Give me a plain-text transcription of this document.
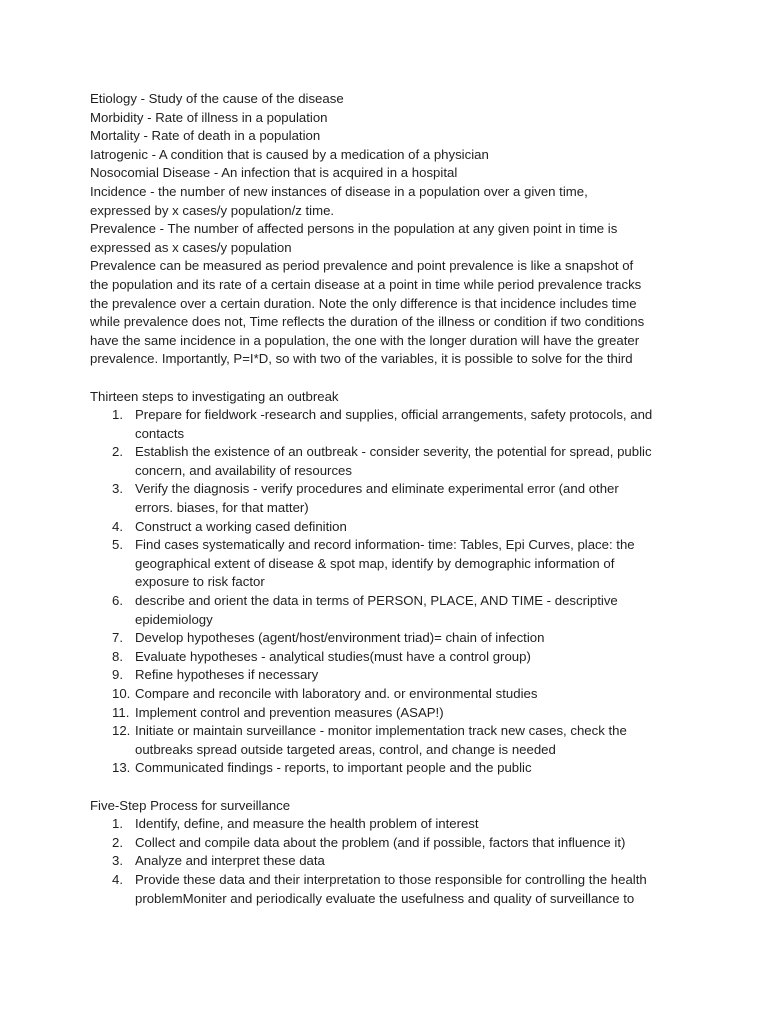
Etiology - Study of the cause of the disease
Morbidity - Rate of illness in a population
Mortality - Rate of death in a population
Iatrogenic - A condition that is caused by a medication of a physician
Nosocomial Disease - An infection that is acquired in a hospital
Incidence - the number of new instances of disease in a population over a given time,
expressed by x cases/y population/z time.
Prevalence - The number of affected persons in the population at any given point in time is
expressed as x cases/y population
Prevalence can be measured as period prevalence and point prevalence is like a snapshot of
the population and its rate of a certain disease at a point in time while period prevalence tracks
the prevalence over a certain duration. Note the only difference is that incidence includes time
while prevalence does not, Time reflects the duration of the illness or condition if two conditions
have the same incidence in a population, the one with the longer duration will have the greater
prevalence. Importantly, P=I*D, so with two of the variables, it is possible to solve for the third
Thirteen steps to investigating an outbreak
1. Prepare for fieldwork -research and supplies, official arrangements, safety protocols, and
contacts
2. Establish the existence of an outbreak - consider severity, the potential for spread, public
concern, and availability of resources
3. Verify the diagnosis - verify procedures and eliminate experimental error (and other
errors. biases, for that matter)
4. Construct a working cased definition
5. Find cases systematically and record information- time: Tables, Epi Curves, place: the
geographical extent of disease & spot map, identify by demographic information of
exposure to risk factor
6. describe and orient the data in terms of PERSON, PLACE, AND TIME - descriptive
epidemiology
7. Develop hypotheses (agent/host/environment triad)= chain of infection
8. Evaluate hypotheses - analytical studies(must have a control group)
9. Refine hypotheses if necessary
10. Compare and reconcile with laboratory and. or environmental studies
11. Implement control and prevention measures (ASAP!)
12. Initiate or maintain surveillance - monitor implementation track new cases, check the
outbreaks spread outside targeted areas, control, and change is needed
13. Communicated findings - reports, to important people and the public
Five-Step Process for surveillance
1. Identify, define, and measure the health problem of interest
2. Collect and compile data about the problem (and if possible, factors that influence it)
3. Analyze and interpret these data
4. Provide these data and their interpretation to those responsible for controlling the health
problemMoniter and periodically evaluate the usefulness and quality of surveillance to
